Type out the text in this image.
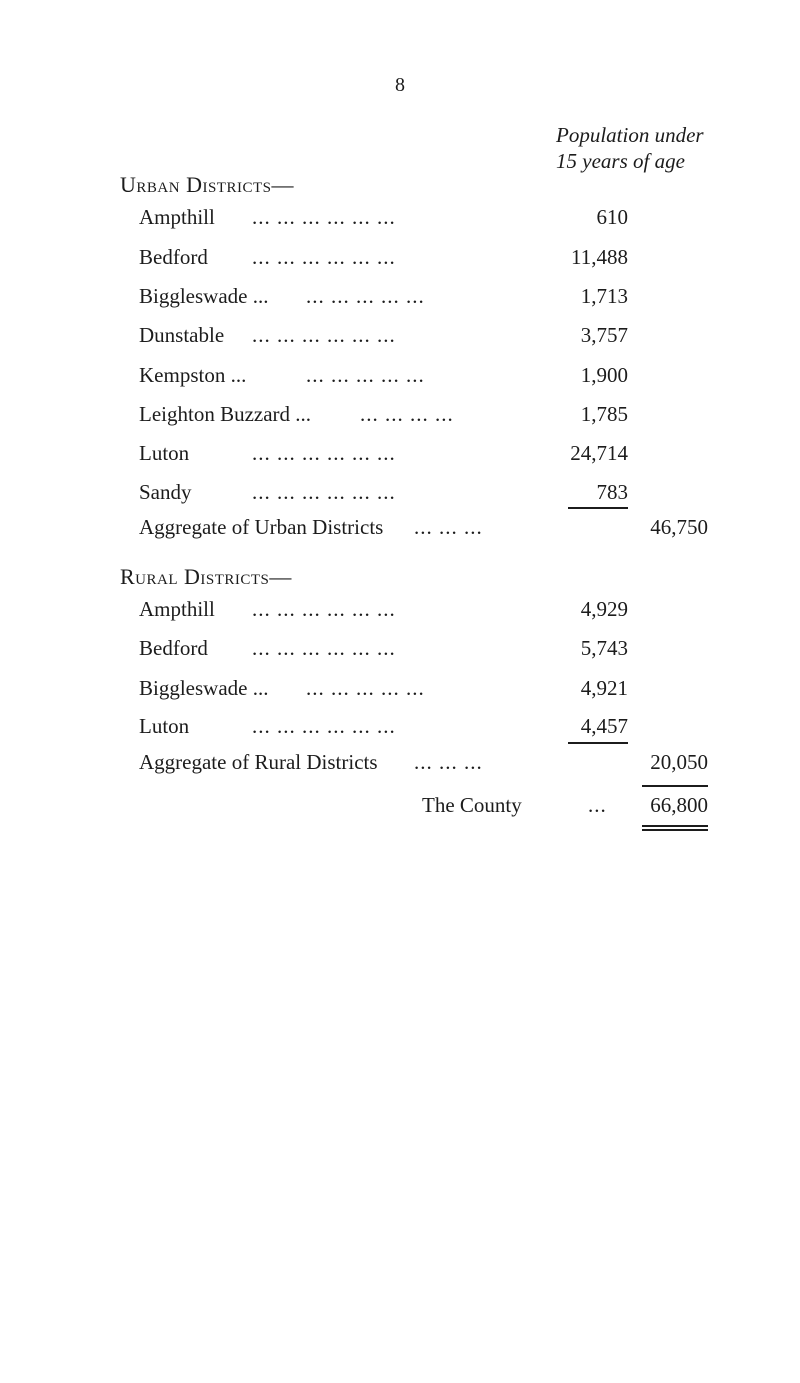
8
Population under
15 years of age
Urban Districts—
Ampthill ... ... ... ... ... ...	610
Bedford ... ... ... ... ... ...	11,488
Biggleswade ... ... ... ... ... ...	1,713
Dunstable ... ... ... ... ... ...	3,757
Kempston ...	... ... ... ... ...	1,900
Leighton Buzzard ... ... ... ... ...	1,785
Luton	... ... ... ... ... ...	24,714
Sandy	... ... ... ... ... ...	783
Aggregate of Urban Districts ... ... ...	46,750
Rural Districts—
Ampthill ... ... ... ... ... ...	4,929
Bedford ... ... ... ... ... ...	5,743
Biggleswade ... ... ... ... ... ...	4,921
Luton	... ... ... ... ... ...	4,457
Aggregate of Rural Districts ... ... ...	20,050
The County	...	66,800
